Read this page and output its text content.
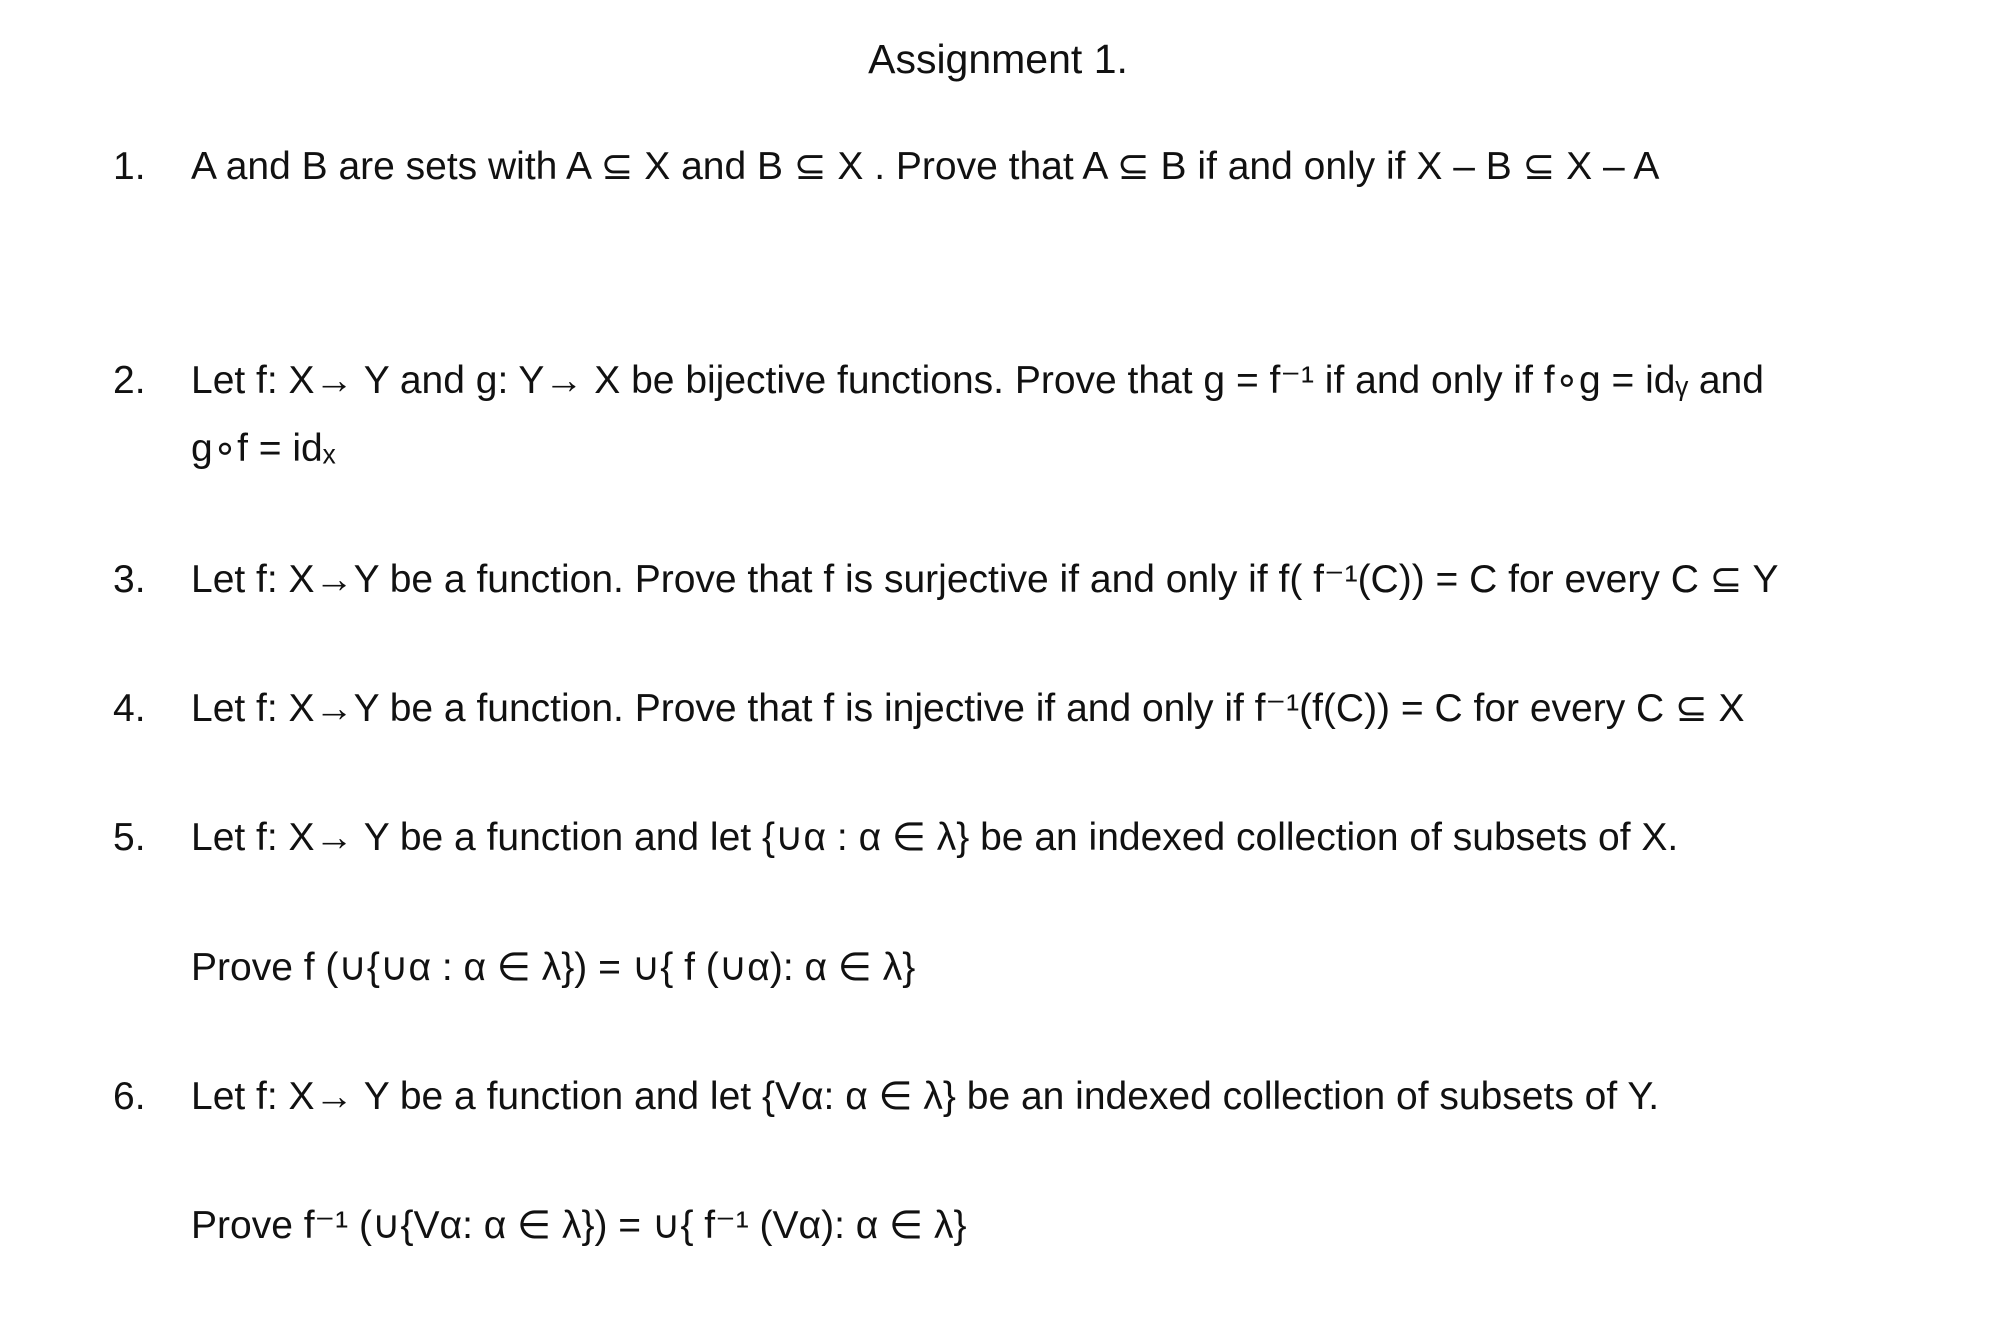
Assignment 1.
1. A and B are sets with A ⊆ X and B ⊆ X . Prove that A ⊆ B if and only if X – B ⊆ X – A
2. Let f: X→ Y and g: Y→ X be bijective functions. Prove that g = f⁻¹ if and only if f∘g = idᵧ and
g∘f = idₓ
3. Let f: X→Y be a function. Prove that f is surjective if and only if f( f⁻¹(C)) = C for every C ⊆ Y
4. Let f: X→Y be a function. Prove that f is injective if and only if f⁻¹(f(C)) = C for every C ⊆ X
5. Let f: X→ Y be a function and let {∪α : α ∈ λ} be an indexed collection of subsets of X.
Prove f (∪{∪α : α ∈ λ}) = ∪{ f (∪α): α ∈ λ}
6. Let f: X→ Y be a function and let {Vα: α ∈ λ} be an indexed collection of subsets of Y.
Prove f⁻¹ (∪{Vα: α ∈ λ}) = ∪{ f⁻¹ (Vα): α ∈ λ}
